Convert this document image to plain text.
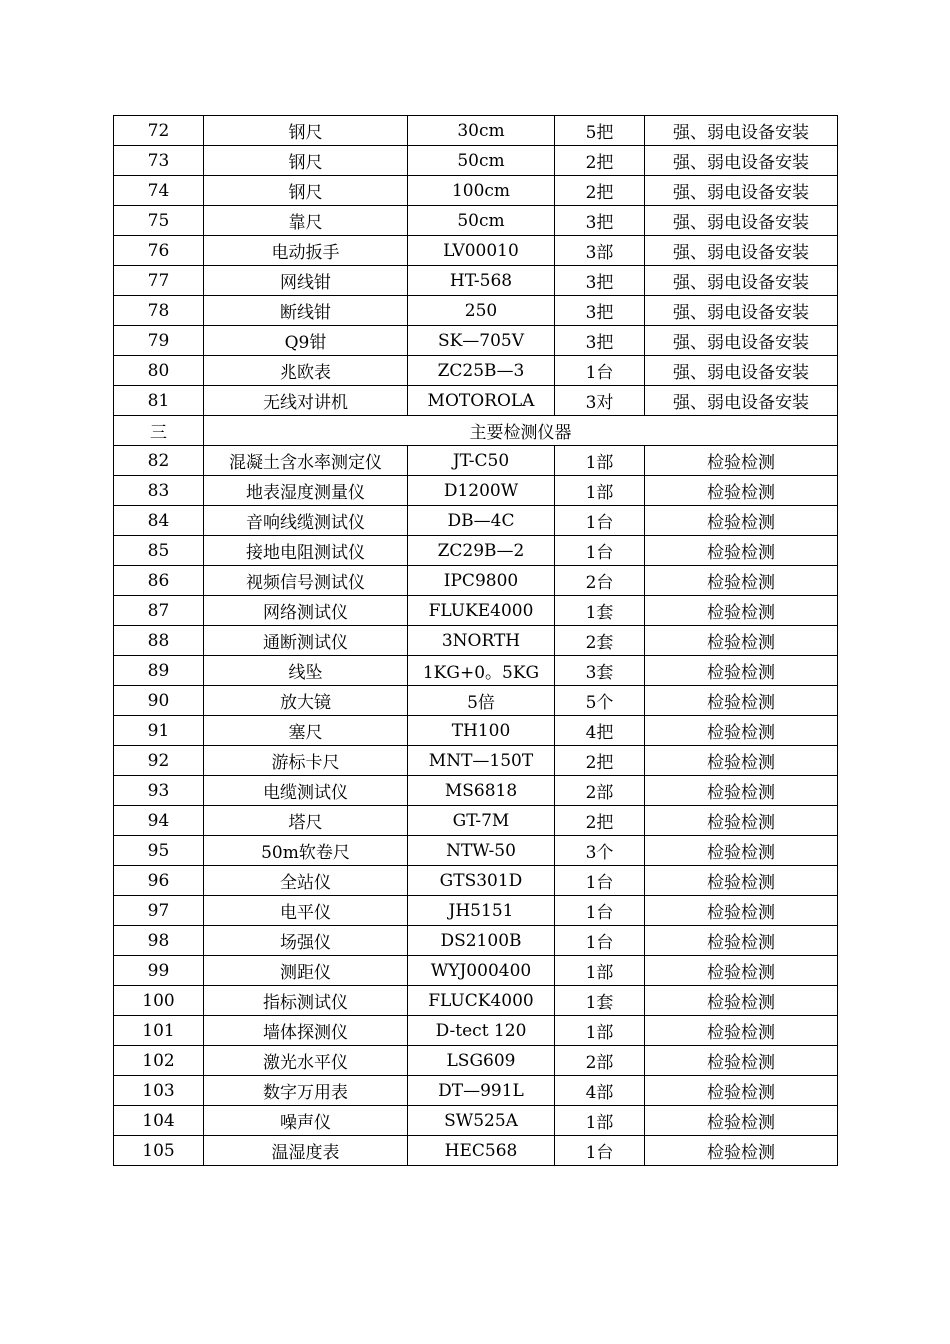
72	钢尺	30cm	5把	强、弱电设备安装
73	钢尺	50cm	2把	强、弱电设备安装
74	钢尺	100cm	2把	强、弱电设备安装
75	靠尺	50cm	3把	强、弱电设备安装
76	电动扳手	LV00010	3部	强、弱电设备安装
77	网线钳	HT-568	3把	强、弱电设备安装
78	断线钳	250	3把	强、弱电设备安装
79	Q9钳	SK—705V	3把	强、弱电设备安装
80	兆欧表	ZC25B—3	1台	强、弱电设备安装
81	无线对讲机	MOTOROLA	3对	强、弱电设备安装
三	主要检测仪器			
82	混凝土含水率测定仪	JT-C50	1部	检验检测
83	地表湿度测量仪	D1200W	1部	检验检测
84	音响线缆测试仪	DB—4C	1台	检验检测
85	接地电阻测试仪	ZC29B—2	1台	检验检测
86	视频信号测试仪	IPC9800	2台	检验检测
87	网络测试仪	FLUKE4000	1套	检验检测
88	通断测试仪	3NORTH	2套	检验检测
89	线坠	1KG+0。5KG	3套	检验检测
90	放大镜	5倍	5个	检验检测
91	塞尺	TH100	4把	检验检测
92	游标卡尺	MNT—150T	2把	检验检测
93	电缆测试仪	MS6818	2部	检验检测
94	塔尺	GT-7M	2把	检验检测
95	50m软卷尺	NTW-50	3个	检验检测
96	全站仪	GTS301D	1台	检验检测
97	电平仪	JH5151	1台	检验检测
98	场强仪	DS2100B	1台	检验检测
99	测距仪	WYJ000400	1部	检验检测
100	指标测试仪	FLUCK4000	1套	检验检测
101	墙体探测仪	D-tect 120	1部	检验检测
102	激光水平仪	LSG609	2部	检验检测
103	数字万用表	DT—991L	4部	检验检测
104	噪声仪	SW525A	1部	检验检测
105	温湿度表	HEC568	1台	检验检测
